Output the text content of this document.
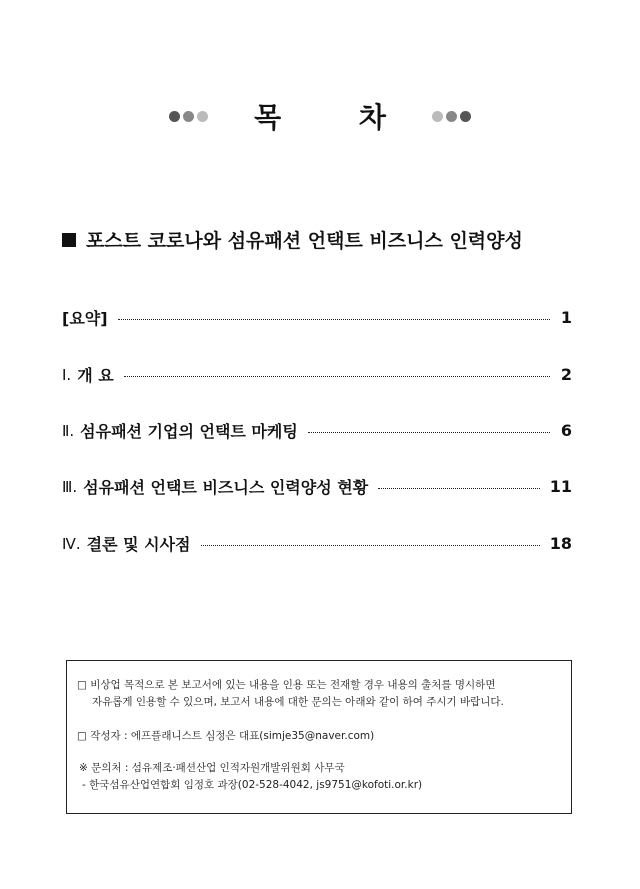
목 차
포스트 코로나와 섬유패션 언택트 비즈니스 인력양성
[요약]	1
Ⅰ. 개 요	2
Ⅱ. 섬유패션 기업의 언택트 마케팅	6
Ⅲ. 섬유패션 언택트 비즈니스 인력양성 현황	11
Ⅳ. 결론 및 시사점	18

□ 비상업 목적으로 본 보고서에 있는 내용을 인용 또는 전재할 경우 내용의 출처를 명시하면

자유롭게 인용할 수 있으며, 보고서 내용에 대한 문의는 아래와 같이 하여 주시기 바랍니다.

□ 작성자 : 에프플래니스트 심정은 대표(simje35@naver.com)

※ 문의처 : 섬유제조·패션산업 인적자원개발위원회 사무국

- 한국섬유산업연합회 임정호 과장(02-528-4042, js9751@kofoti.or.kr)
